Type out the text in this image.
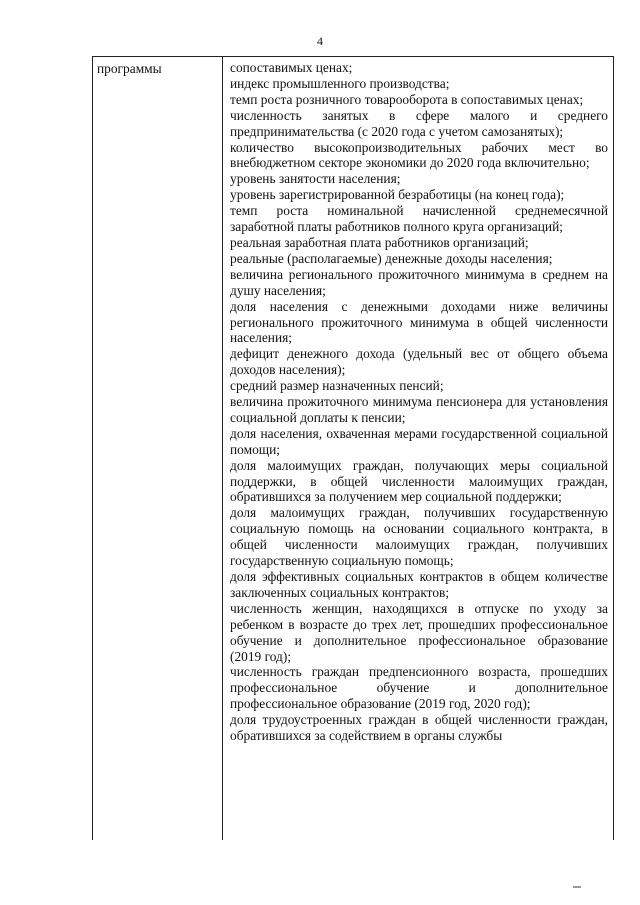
4
программы	сопоставимых ценах;

индекс промышленного производства;

темп роста розничного товарооборота в сопоставимых ценах;

численность занятых в сфере малого и среднего предпринимательства (с 2020 года с учетом самозанятых);

количество высокопроизводительных рабочих мест во внебюджетном секторе экономики до 2020 года включительно;

уровень занятости населения;

уровень зарегистрированной безработицы (на конец года);

темп роста номинальной начисленной среднемесячной заработной платы работников полного круга организаций;

реальная заработная плата работников организаций;

реальные (располагаемые) денежные доходы населения;

величина регионального прожиточного минимума в среднем на душу населения;

доля населения с денежными доходами ниже величины регионального прожиточного минимума в общей численности населения;

дефицит денежного дохода (удельный вес от общего объема доходов населения);

средний размер назначенных пенсий;

величина прожиточного минимума пенсионера для установления социальной доплаты к пенсии;

доля населения, охваченная мерами государственной социальной помощи;

доля малоимущих граждан, получающих меры социальной поддержки, в общей численности малоимущих граждан, обратившихся за получением мер социальной поддержки;

доля малоимущих граждан, получивших государственную социальную помощь на основании социального контракта, в общей численности малоимущих граждан, получивших государственную социальную помощь;

доля эффективных социальных контрактов в общем количестве заключенных социальных контрактов;

численность женщин, находящихся в отпуске по уходу за ребенком в возрасте до трех лет, прошедших профессиональное обучение и дополнительное профессиональное образование (2019 год);

численность граждан предпенсионного возраста, прошедших профессиональное обучение и дополнительное профессиональное образование (2019 год, 2020 год);

доля трудоустроенных граждан в общей численности граждан, обратившихся за содействием в органы службы
